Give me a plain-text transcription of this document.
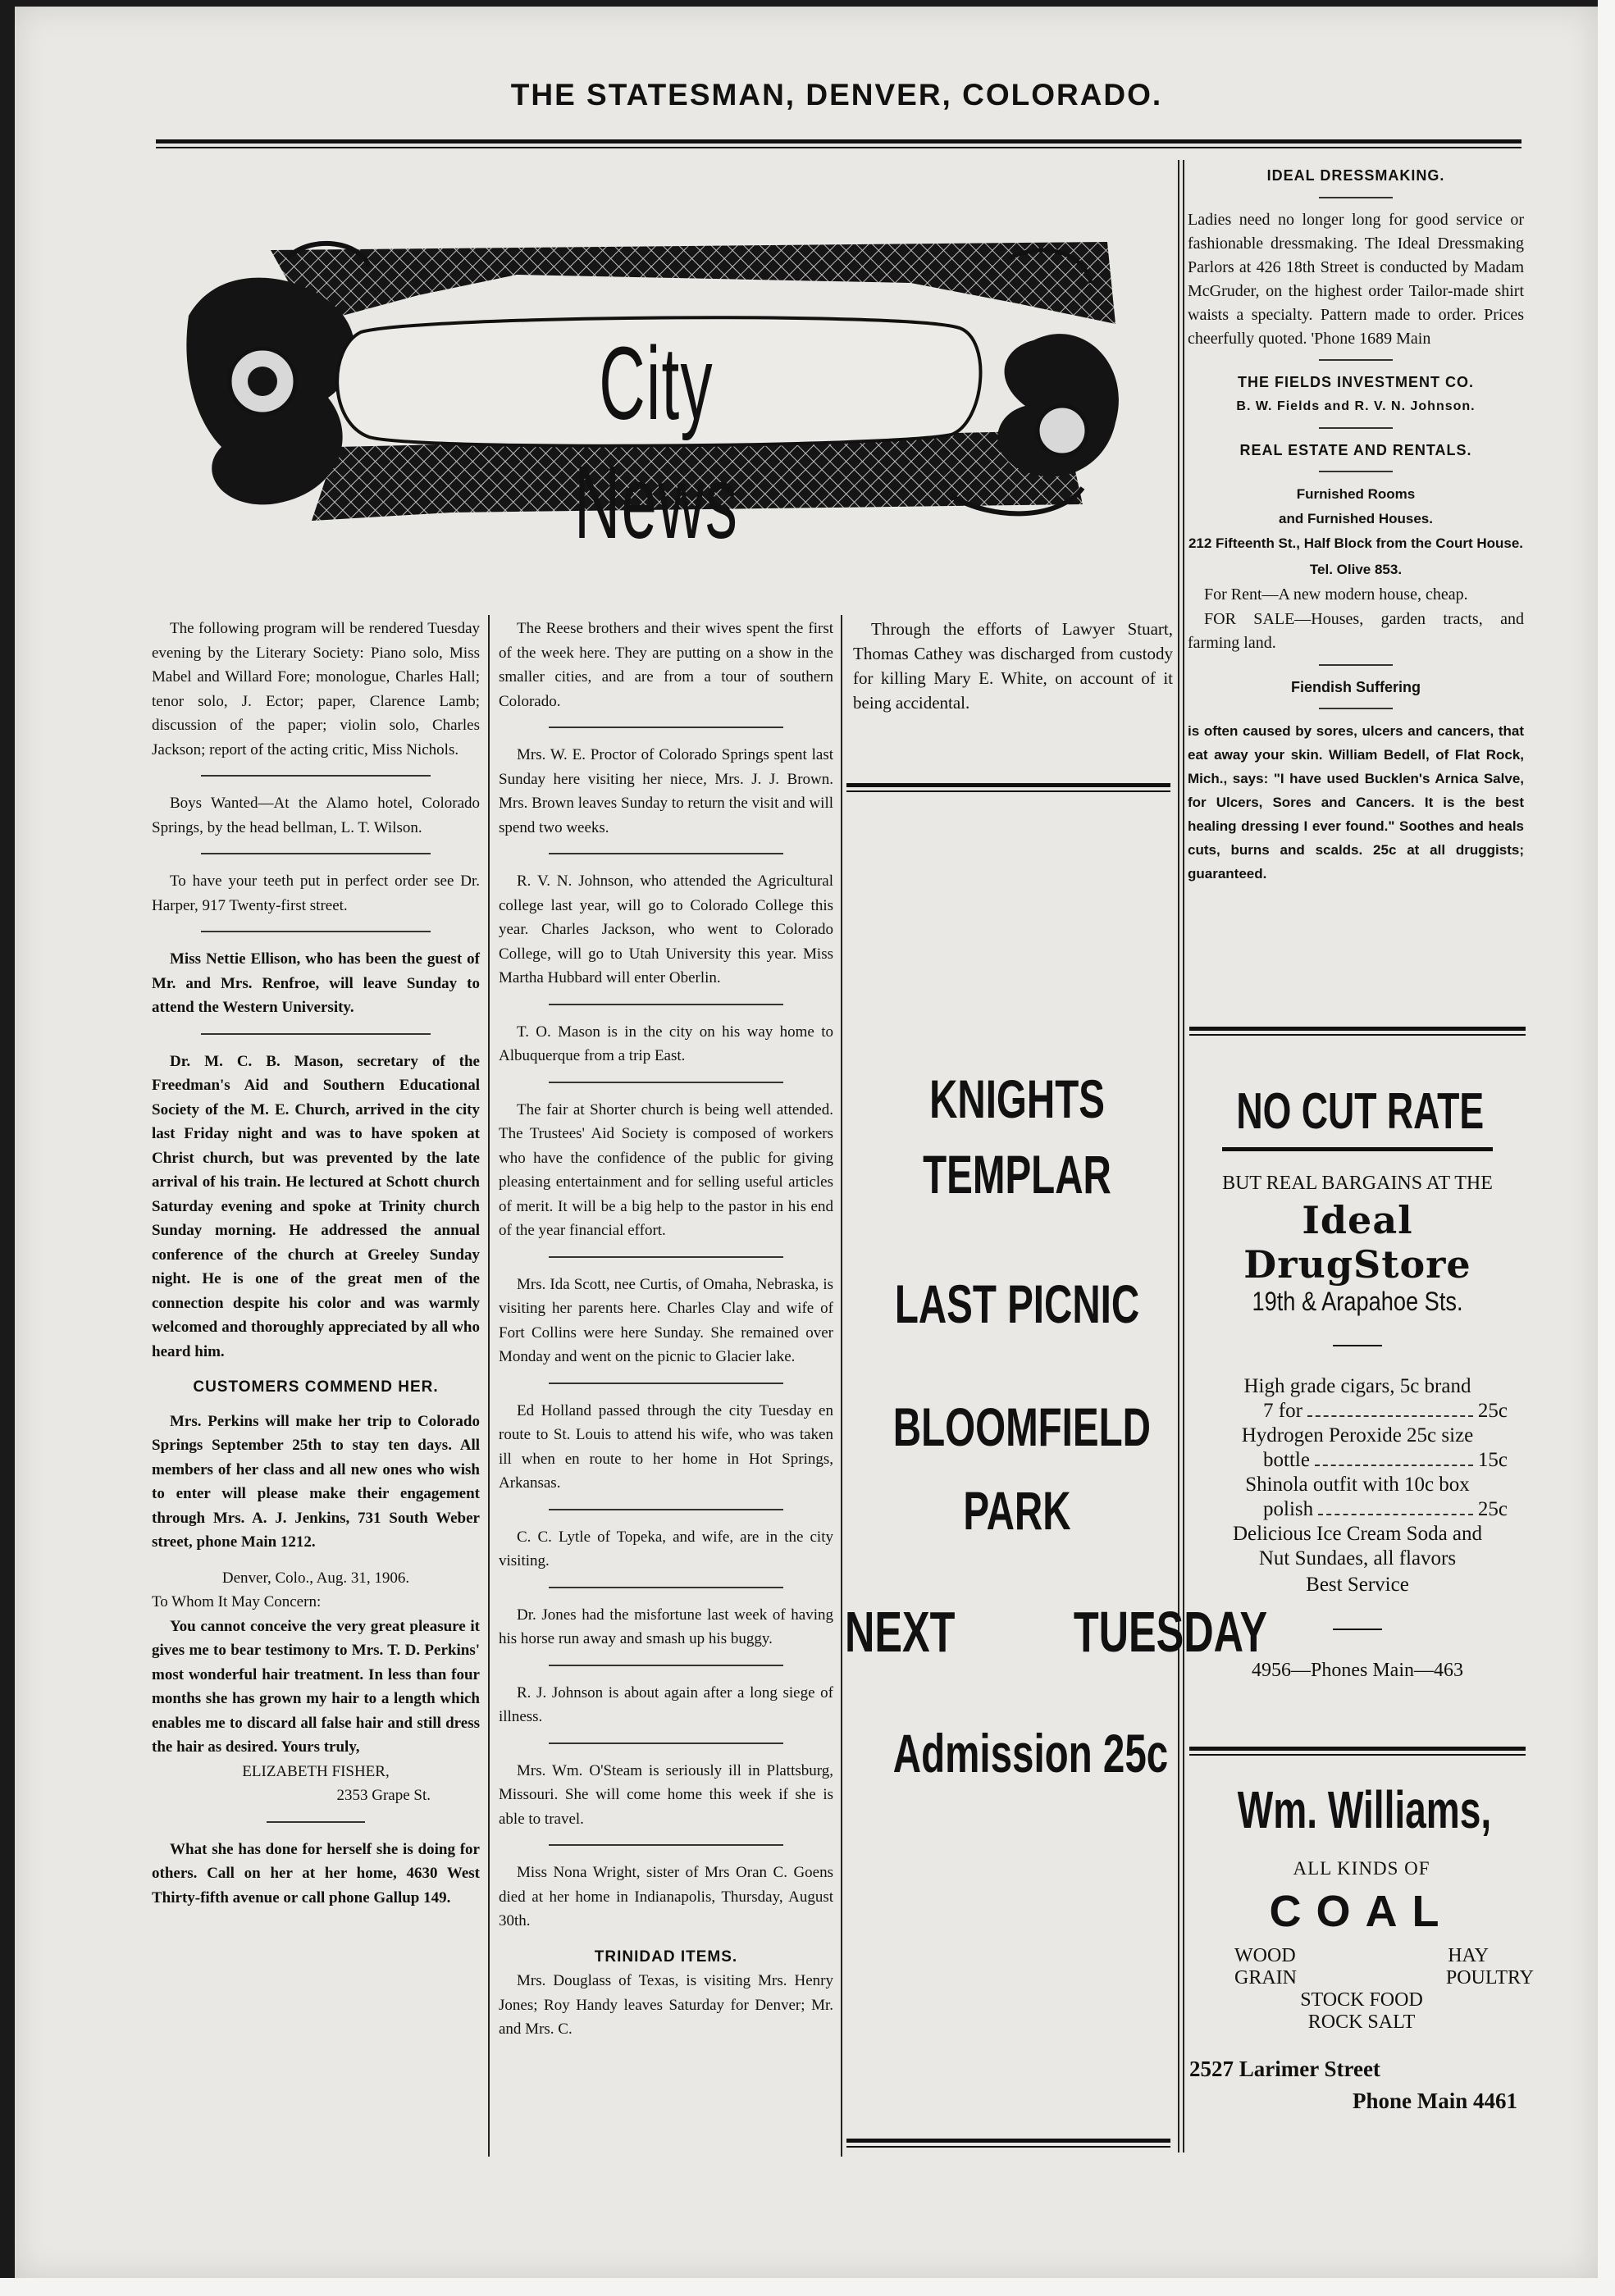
THE STATESMAN, DENVER, COLORADO.
City News

The following program will be rendered Tuesday evening by the Literary Society: Piano solo, Miss Mabel and Willard Fore; monologue, Charles Hall; tenor solo, J. Ector; paper, Clarence Lamb; discussion of the paper; violin solo, Charles Jackson; report of the acting critic, Miss Nichols.

Boys Wanted—At the Alamo hotel, Colorado Springs, by the head bellman, L. T. Wilson.

To have your teeth put in perfect order see Dr. Harper, 917 Twenty-first street.

Miss Nettie Ellison, who has been the guest of Mr. and Mrs. Renfroe, will leave Sunday to attend the Western University.

Dr. M. C. B. Mason, secretary of the Freedman's Aid and Southern Educational Society of the M. E. Church, arrived in the city last Friday night and was to have spoken at Christ church, but was prevented by the late arrival of his train. He lectured at Schott church Saturday evening and spoke at Trinity church Sunday morning. He addressed the annual conference of the church at Greeley Sunday night. He is one of the great men of the connection despite his color and was warmly welcomed and thoroughly appreciated by all who heard him.

CUSTOMERS COMMEND HER.

Mrs. Perkins will make her trip to Colorado Springs September 25th to stay ten days. All members of her class and all new ones who wish to enter will please make their engagement through Mrs. A. J. Jenkins, 731 South Weber street, phone Main 1212.

Denver, Colo., Aug. 31, 1906.

To Whom It May Concern:

You cannot conceive the very great pleasure it gives me to bear testimony to Mrs. T. D. Perkins' most wonderful hair treatment. In less than four months she has grown my hair to a length which enables me to discard all false hair and still dress the hair as desired. Yours truly,

ELIZABETH FISHER,

2353 Grape St.

What she has done for herself she is doing for others. Call on her at her home, 4630 West Thirty-fifth avenue or call phone Gallup 149.

The Reese brothers and their wives spent the first of the week here. They are putting on a show in the smaller cities, and are from a tour of southern Colorado.

Mrs. W. E. Proctor of Colorado Springs spent last Sunday here visiting her niece, Mrs. J. J. Brown. Mrs. Brown leaves Sunday to return the visit and will spend two weeks.

R. V. N. Johnson, who attended the Agricultural college last year, will go to Colorado College this year. Charles Jackson, who went to Colorado College, will go to Utah University this year. Miss Martha Hubbard will enter Oberlin.

T. O. Mason is in the city on his way home to Albuquerque from a trip East.

The fair at Shorter church is being well attended. The Trustees' Aid Society is composed of workers who have the confidence of the public for giving pleasing entertainment and for selling useful articles of merit. It will be a big help to the pastor in his end of the year financial effort.

Mrs. Ida Scott, nee Curtis, of Omaha, Nebraska, is visiting her parents here. Charles Clay and wife of Fort Collins were here Sunday. She remained over Monday and went on the picnic to Glacier lake.

Ed Holland passed through the city Tuesday en route to St. Louis to attend his wife, who was taken ill when en route to her home in Hot Springs, Arkansas.

C. C. Lytle of Topeka, and wife, are in the city visiting.

Dr. Jones had the misfortune last week of having his horse run away and smash up his buggy.

R. J. Johnson is about again after a long siege of illness.

Mrs. Wm. O'Steam is seriously ill in Plattsburg, Missouri. She will come home this week if she is able to travel.

Miss Nona Wright, sister of Mrs Oran C. Goens died at her home in Indianapolis, Thursday, August 30th.

TRINIDAD ITEMS.

Mrs. Douglass of Texas, is visiting Mrs. Henry Jones; Roy Handy leaves Saturday for Denver; Mr. and Mrs. C.

Through the efforts of Lawyer Stuart, Thomas Cathey was discharged from custody for killing Mary E. White, on account of it being accidental.

KNIGHTS
TEMPLAR
LAST PICNIC
BLOOMFIELD
PARK
NEXT TUESDAY
Admission 25c
IDEAL DRESSMAKING.

Ladies need no longer long for good service or fashionable dressmaking. The Ideal Dressmaking Parlors at 426 18th Street is conducted by Madam McGruder, on the highest order Tailor-made shirt waists a specialty. Pattern made to order. Prices cheerfully quoted. 'Phone 1689 Main

THE FIELDS INVESTMENT CO.
B. W. Fields and R. V. N. Johnson.
REAL ESTATE AND RENTALS.
Furnished Rooms
and Furnished Houses.
212 Fifteenth St., Half Block from the Court House. Tel. Olive 853.

For Rent—A new modern house, cheap.

FOR SALE—Houses, garden tracts, and farming land.

Fiendish Suffering

is often caused by sores, ulcers and cancers, that eat away your skin. William Bedell, of Flat Rock, Mich., says: "I have used Bucklen's Arnica Salve, for Ulcers, Sores and Cancers. It is the best healing dressing I ever found." Soothes and heals cuts, burns and scalds. 25c at all druggists; guaranteed.

NO CUT RATE
BUT REAL BARGAINS AT THE
Ideal DrugStore
19th & Arapahoe Sts.
High grade cigars, 5c brand
7 for	25c
Hydrogen Peroxide 25c size
bottle	15c
Shinola outfit with 10c box
polish	25c
Delicious Ice Cream Soda and
Nut Sundaes, all flavors
Best Service
4956—Phones Main—463
Wm. Williams,
ALL KINDS OF
COAL
WOOD	HAY
GRAIN	POULTRY
STOCK FOOD
ROCK SALT
2527 Larimer Street
Phone Main 4461
